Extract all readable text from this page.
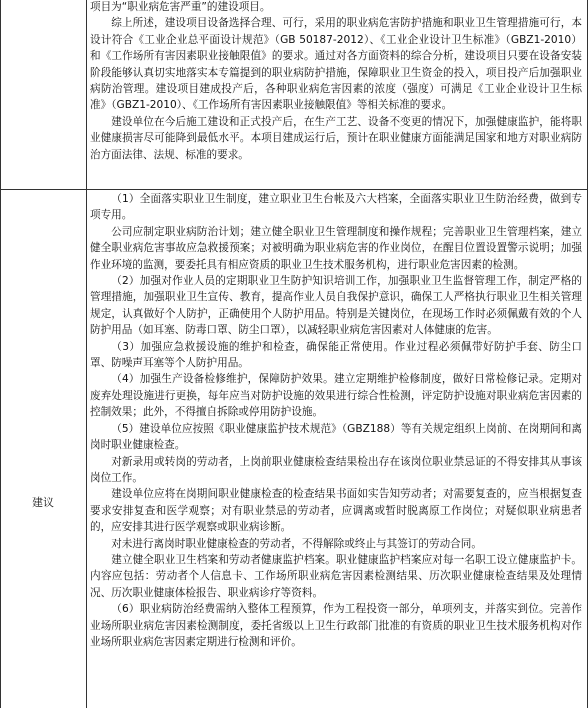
项目为“职业病危害严重”的建设项目。

综上所述，建设项目设备选择合理、可行，采用的职业病危害防护措施和职业卫生管理措施可行，本设计符合《工业企业总平面设计规范》（GB 50187-2012）、《工业企业设计卫生标准》（GBZ1-2010）和《工作场所有害因素职业接触限值》的要求。通过对各方面资料的综合分析，建设项目只要在设备安装阶段能够认真切实地落实本专篇提到的职业病防护措施，保障职业卫生资金的投入，项目投产后加强职业病防治管理。建设项目建成投产后，各种职业病危害因素的浓度（强度）可满足《工业企业设计卫生标准》（GBZ1-2010）、《工作场所有害因素职业接触限值》等相关标准的要求。

建设单位在今后施工建设和正式投产后，在生产工艺、设备不变更的情况下，加强健康监护，能将职业健康损害尽可能降到最低水平。本项目建成运行后，预计在职业健康方面能满足国家和地方对职业病防治方面法律、法规、标准的要求。

建议

（1）全面落实职业卫生制度，建立职业卫生台帐及六大档案，全面落实职业卫生防治经费，做到专项专用。

公司应制定职业病防治计划；建立健全职业卫生管理制度和操作规程；完善职业卫生管理档案，建立健全职业病危害事故应急救援预案；对被明确为职业病危害的作业岗位，在醒目位置设置警示说明；加强作业环境的监测，要委托具有相应资质的职业卫生技术服务机构，进行职业危害因素的检测。

（2）加强对作业人员的定期职业卫生防护知识培训工作，加强职业卫生监督管理工作，制定严格的管理措施，加强职业卫生宣传、教育，提高作业人员自我保护意识，确保工人严格执行职业卫生相关管理规定，认真做好个人防护，正确使用个人防护用品。特别是关键岗位，在现场工作时必须佩戴有效的个人防护用品（如耳塞、防毒口罩、防尘口罩），以减轻职业病危害因素对人体健康的危害。

（3）加强应急救援设施的维护和检查，确保能正常使用。作业过程必须佩带好防护手套、防尘口罩、防噪声耳塞等个人防护用品。

（4）加强生产设备检修维护，保障防护效果。建立定期维护检修制度，做好日常检修记录。定期对废弃处理设施进行更换，每年应当对防护设施的效果进行综合性检测，评定防护设施对职业病危害因素的控制效果；此外，不得擅自拆除或停用防护设施。

（5）建设单位应按照《职业健康监护技术规范》（GBZ188）等有关规定组织上岗前、在岗期间和离岗时职业健康检查。

对新录用或转岗的劳动者，上岗前职业健康检查结果检出存在该岗位职业禁忌证的不得安排其从事该岗位工作。

建设单位应将在岗期间职业健康检查的检查结果书面如实告知劳动者；对需要复查的，应当根据复查要求安排复查和医学观察；对有职业禁忌的劳动者，应调离或暂时脱离原工作岗位；对疑似职业病患者的，应安排其进行医学观察或职业病诊断。

对未进行离岗时职业健康检查的劳动者，不得解除或终止与其签订的劳动合同。

建立健全职业卫生档案和劳动者健康监护档案。职业健康监护档案应对每一名职工设立健康监护卡。内容应包括：劳动者个人信息卡、工作场所职业病危害因素检测结果、历次职业健康检查结果及处理情况、历次职业健康体检报告、职业病诊疗等资料。

（6）职业病防治经费需纳入整体工程预算，作为工程投资一部分，单项列支，并落实到位。完善作业场所职业病危害因素检测制度，委托省级以上卫生行政部门批准的有资质的职业卫生技术服务机构对作业场所职业病危害因素定期进行检测和评价。
